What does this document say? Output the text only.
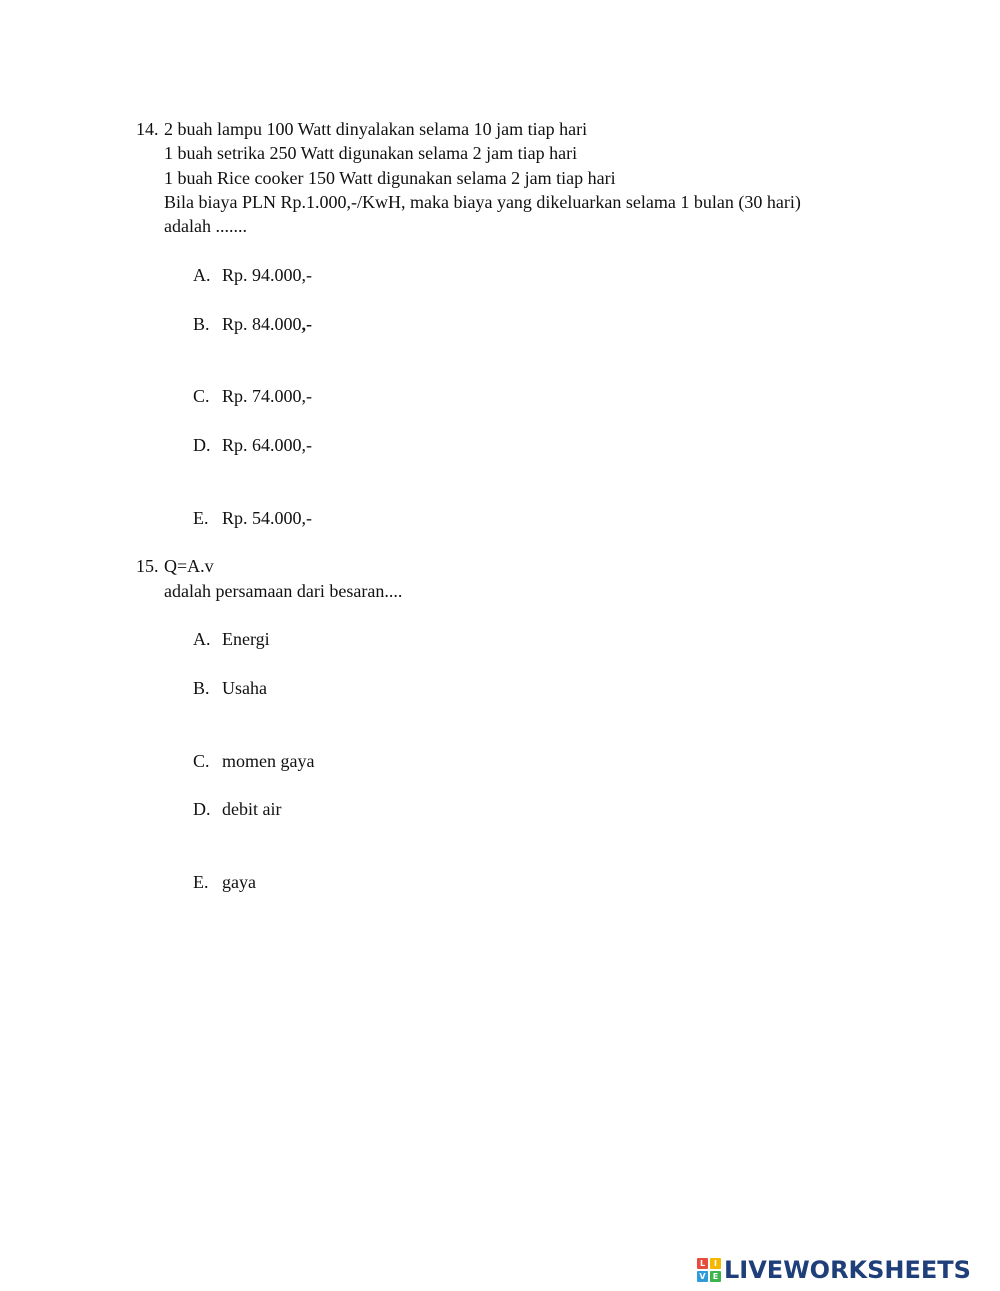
14. 2 buah lampu 100 Watt dinyalakan selama 10 jam tiap hari
1 buah setrika 250 Watt digunakan selama 2 jam tiap hari
1 buah Rice cooker 150 Watt digunakan selama 2 jam tiap hari
Bila biaya PLN Rp.1.000,-/KwH, maka biaya yang dikeluarkan selama 1 bulan (30 hari)
adalah .......
A. Rp. 94.000,-
B. Rp. 84.000,-
C. Rp. 74.000,-
D. Rp. 64.000,-
E. Rp. 54.000,-
15. Q=A.v
adalah persamaan dari besaran....
A. Energi
B. Usaha
C. momen gaya
D. debit air
E. gaya
L	I
V E LIVEWORKSHEETS
